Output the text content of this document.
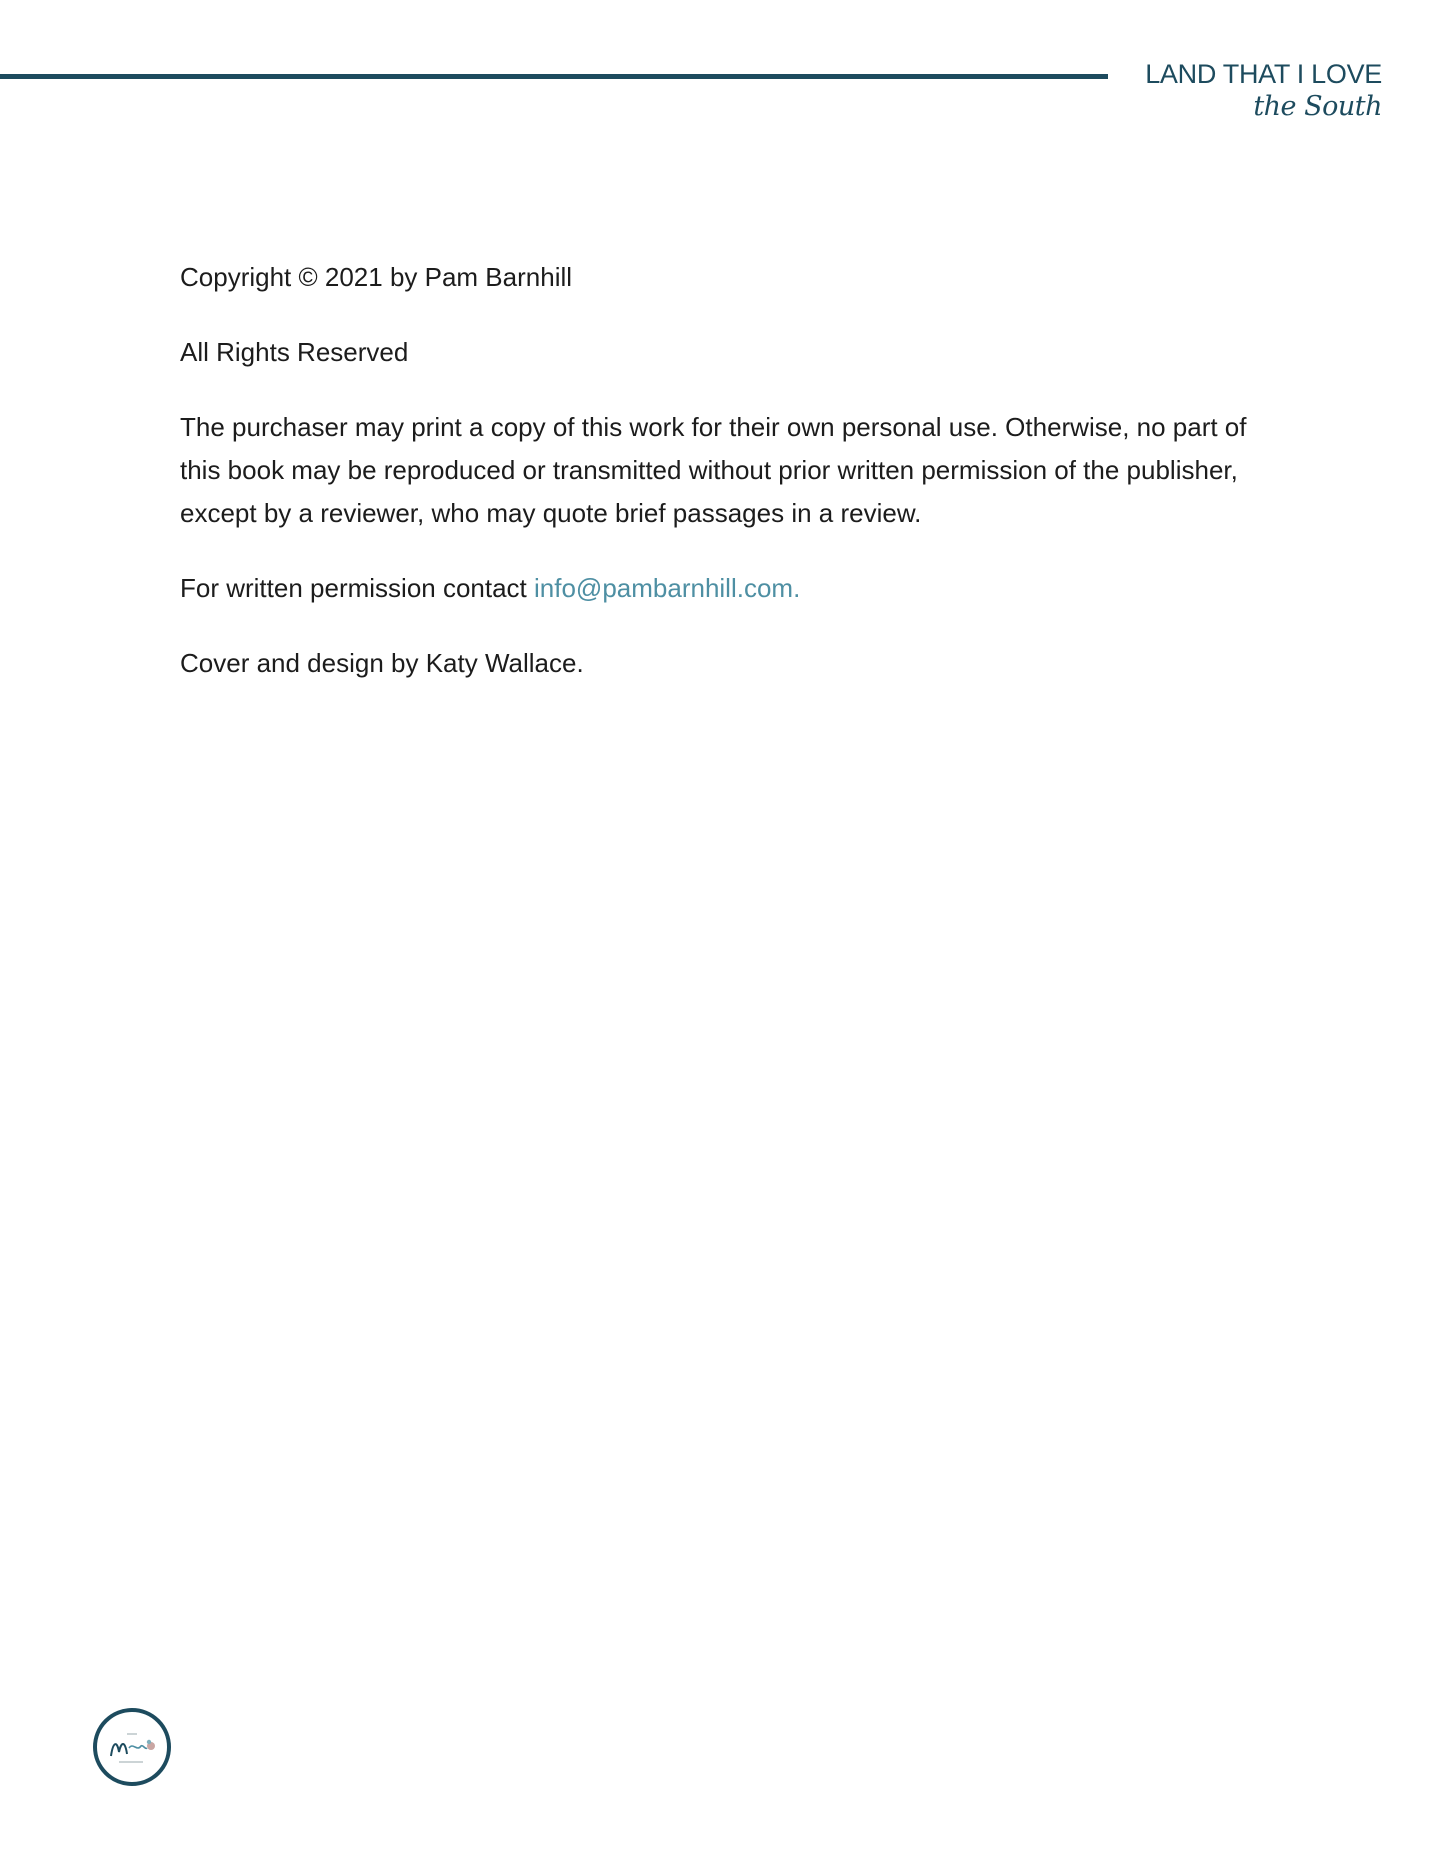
LAND THAT I LOVE
the South

Copyright © 2021 by Pam Barnhill

All Rights Reserved

The purchaser may print a copy of this work for their own personal use. Otherwise, no part of this book may be reproduced or transmitted without prior written permission of the publisher, except by a reviewer, who may quote brief passages in a review.

For written permission contact info@pambarnhill.com.

Cover and design by Katy Wallace.
